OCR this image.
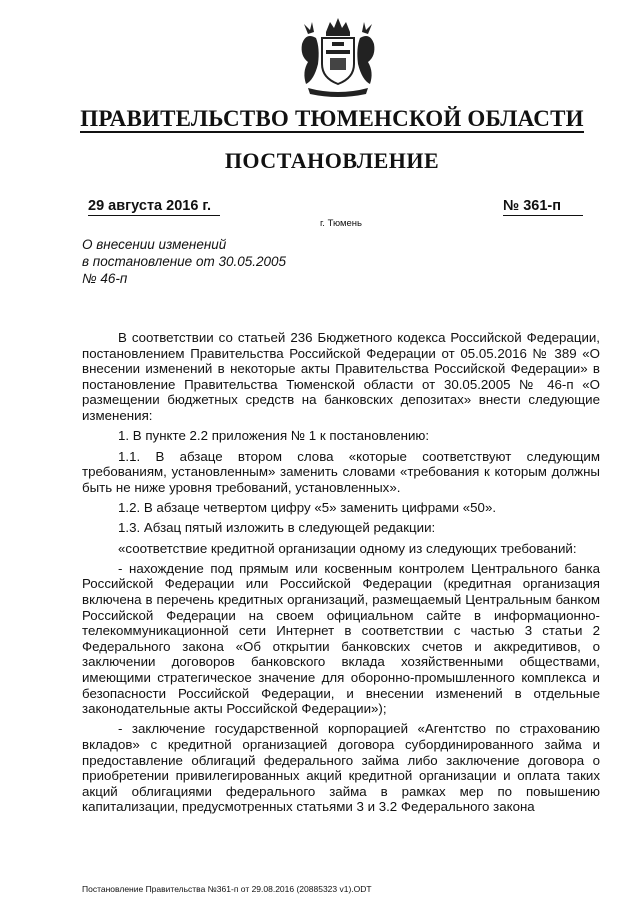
ПРАВИТЕЛЬСТВО ТЮМЕНСКОЙ ОБЛАСТИ
ПОСТАНОВЛЕНИЕ
29 августа 2016 г.	№ 361-п
г. Тюмень
О внесении изменений
в постановление от 30.05.2005
№ 46-п

В соответствии со статьей 236 Бюджетного кодекса Российской Федерации, постановлением Правительства Российской Федерации от 05.05.2016 № 389 «О внесении изменений в некоторые акты Правительства Российской Федерации» в постановление Правительства Тюменской области от 30.05.2005 № 46-п «О размещении бюджетных средств на банковских депозитах» внести следующие изменения:

1. В пункте 2.2 приложения № 1 к постановлению:

1.1. В абзаце втором слова «которые соответствуют следующим требованиям, установленным» заменить словами «требования к которым должны быть не ниже уровня требований, установленных».

1.2. В абзаце четвертом цифру «5» заменить цифрами «50».

1.3. Абзац пятый изложить в следующей редакции:

«соответствие кредитной организации одному из следующих требований:

- нахождение под прямым или косвенным контролем Центрального банка Российской Федерации или Российской Федерации (кредитная организация включена в перечень кредитных организаций, размещаемый Центральным банком Российской Федерации на своем официальном сайте в информационно-телекоммуникационной сети Интернет в соответствии с частью 3 статьи 2 Федерального закона «Об открытии банковских счетов и аккредитивов, о заключении договоров банковского вклада хозяйственными обществами, имеющими стратегическое значение для оборонно-промышленного комплекса и безопасности Российской Федерации, и внесении изменений в отдельные законодательные акты Российской Федерации»);

- заключение государственной корпорацией «Агентство по страхованию вкладов» с кредитной организацией договора субординированного займа и предоставление облигаций федерального займа либо заключение договора о приобретении привилегированных акций кредитной организации и оплата таких акций облигациями федерального займа в рамках мер по повышению капитализации, предусмотренных статьями 3 и 3.2 Федерального закона

Постановление Правительства №361-п от 29.08.2016 (20885323 v1).ODT
